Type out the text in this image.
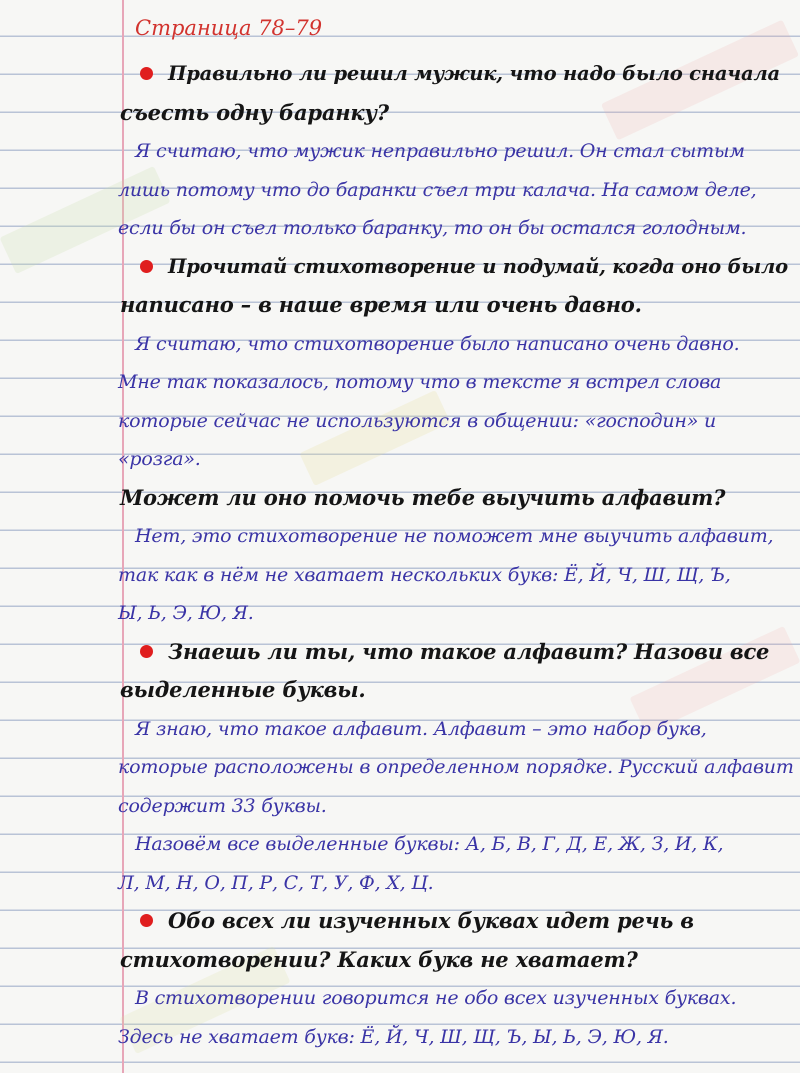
Страница 78–79
Правильно ли решил мужик, что надо было сначала
съесть одну баранку?
Я считаю, что мужик неправильно решил. Он стал сытым
лишь потому что до баранки съел три калача. На самом деле,
если бы он съел только баранку, то он бы остался голодным.
Прочитай стихотворение и подумай, когда оно было
написано – в наше время или очень давно.
Я считаю, что стихотворение было написано очень давно.
Мне так показалось, потому что в тексте я встрел слова
которые сейчас не используются в общении: «господин» и
«розга».
Может ли оно помочь тебе выучить алфавит?
Нет, это стихотворение не поможет мне выучить алфавит,
так как в нём не хватает нескольких букв: Ё, Й, Ч, Ш, Щ, Ъ,
Ы, Ь, Э, Ю, Я.
Знаешь ли ты, что такое алфавит? Назови все
выделенные буквы.
Я знаю, что такое алфавит. Алфавит – это набор букв,
которые расположены в определенном порядке. Русский алфавит
содержит 33 буквы.
Назовём все выделенные буквы: А, Б, В, Г, Д, Е, Ж, З, И, К,
Л, М, Н, О, П, Р, С, Т, У, Ф, Х, Ц.
Обо всех ли изученных буквах идет речь в
стихотворении? Каких букв не хватает?
В стихотворении говорится не обо всех изученных буквах.
Здесь не хватает букв: Ё, Й, Ч, Ш, Щ, Ъ, Ы, Ь, Э, Ю, Я.
